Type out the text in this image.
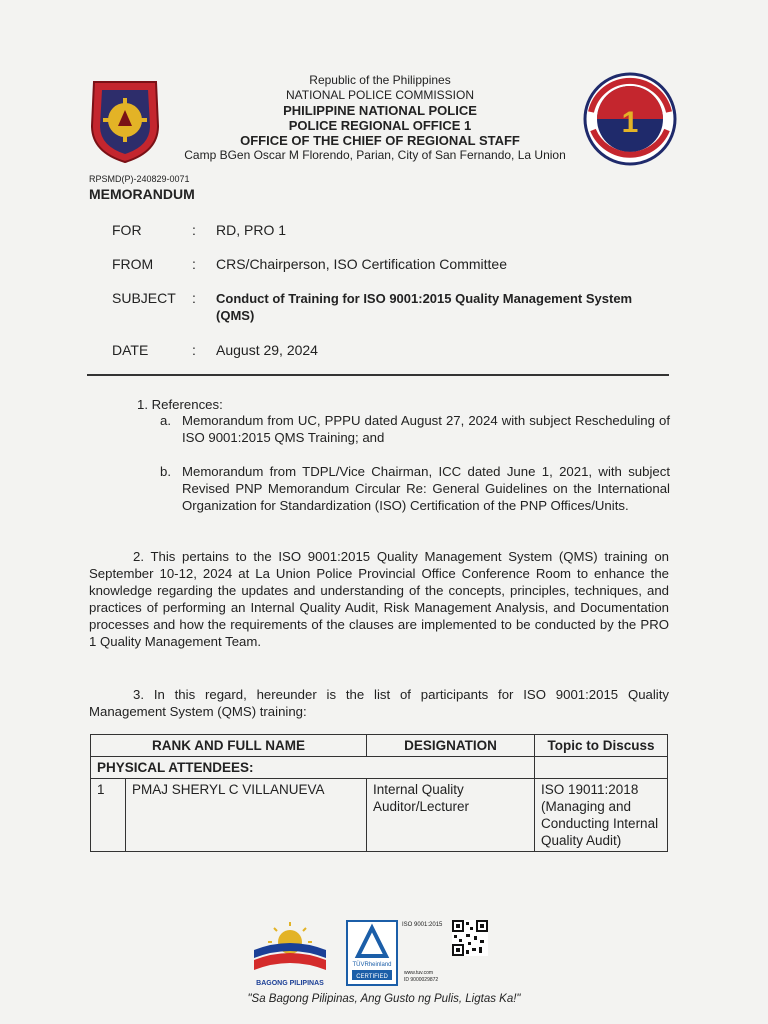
Republic of the Philippines
NATIONAL POLICE COMMISSION
PHILIPPINE NATIONAL POLICE
POLICE REGIONAL OFFICE 1
OFFICE OF THE CHIEF OF REGIONAL STAFF
Camp BGen Oscar M Florendo, Parian, City of San Fernando, La Union
1
RPSMD(P)-240829-0071
MEMORANDUM
FOR	: RD, PRO 1
FROM	: CRS/Chairperson, ISO Certification Committee
SUBJECT	: Conduct of Training for ISO 9001:2015 Quality Management System (QMS)
DATE	: August 29, 2024
1. References:
a. Memorandum from UC, PPPU dated August 27, 2024 with subject Rescheduling of ISO 9001:2015 QMS Training; and
b. Memorandum from TDPL/Vice Chairman, ICC dated June 1, 2021, with subject Revised PNP Memorandum Circular Re: General Guidelines on the International Organization for Standardization (ISO) Certification of the PNP Offices/Units.
2. This pertains to the ISO 9001:2015 Quality Management System (QMS) training on September 10-12, 2024 at La Union Police Provincial Office Conference Room to enhance the knowledge regarding the updates and understanding of the concepts, principles, techniques, and practices of performing an Internal Quality Audit, Risk Management Analysis, and Documentation processes and how the requirements of the clauses are implemented to be conducted by the PRO 1 Quality Management Team.
3. In this regard, hereunder is the list of participants for ISO 9001:2015 Quality Management System (QMS) training:
RANK AND FULL NAME		DESIGNATION	Topic to Discuss
PHYSICAL ATTENDEES:			
1	PMAJ SHERYL C VILLANUEVA	Internal Quality Auditor/Lecturer	ISO 19011:2018 (Managing and Conducting Internal Quality Audit)
BAGONG PILIPINAS
TÜVRheinland
CERTIFIED
ISO 9001:2015
www.tuv.com
ID 9000029872
"Sa Bagong Pilipinas, Ang Gusto ng Pulis, Ligtas Ka!"
